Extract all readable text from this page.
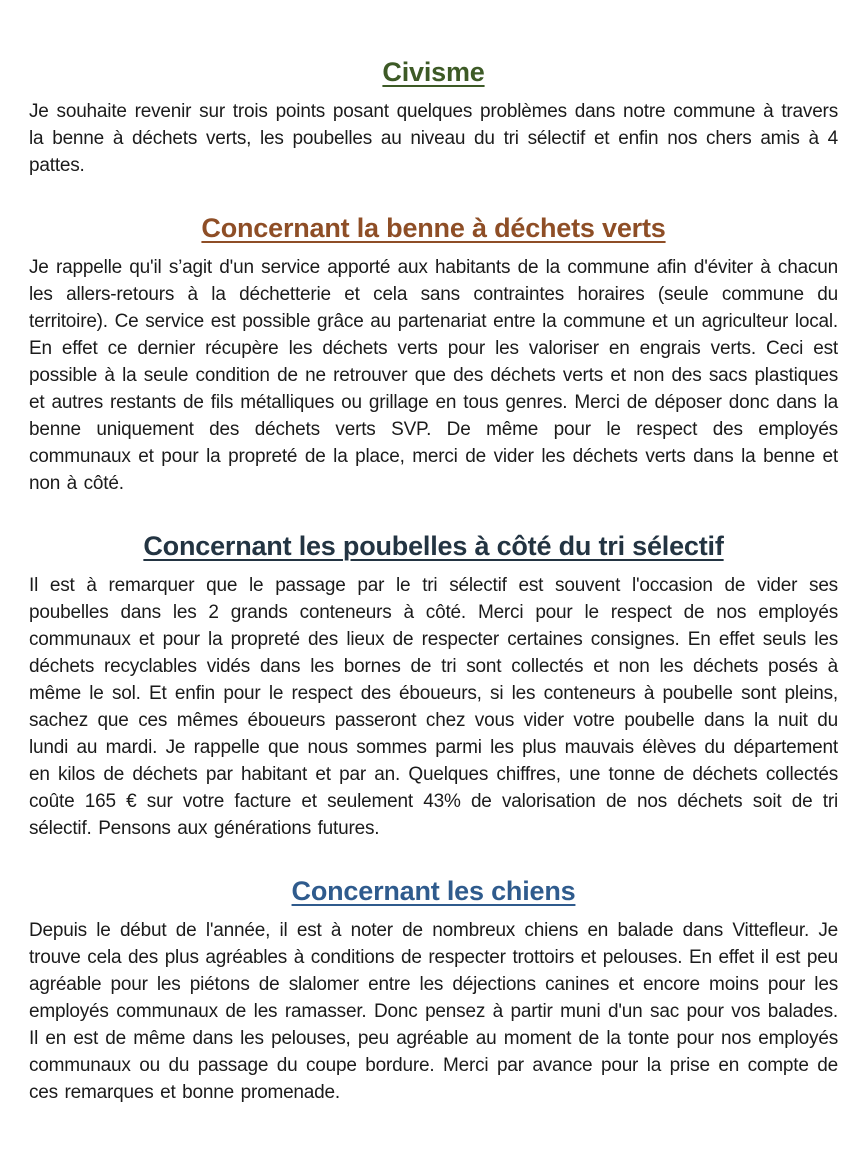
Civisme

Je souhaite revenir sur trois points posant quelques problèmes dans notre commune à travers la benne à déchets verts, les poubelles au niveau du tri sélectif et enfin nos chers amis à 4 pattes.

Concernant la benne à déchets verts

Je rappelle qu'il s’agit d'un service apporté aux habitants de la commune afin d'éviter à chacun les allers-retours à la déchetterie et cela sans contraintes horaires (seule commune du territoire). Ce service est possible grâce au partenariat entre la commune et un agriculteur local. En effet ce dernier récupère les déchets verts pour les valoriser en engrais verts. Ceci est possible à la seule condition de ne retrouver que des déchets verts et non des sacs plastiques et autres restants de fils métalliques ou grillage en tous genres. Merci de déposer donc dans la benne uniquement des déchets verts SVP. De même pour le respect des employés communaux et pour la propreté de la place, merci de vider les déchets verts dans la benne et non à côté.

Concernant les poubelles à côté du tri sélectif

Il est à remarquer que le passage par le tri sélectif est souvent l'occasion de vider ses poubelles dans les 2 grands conteneurs à côté. Merci pour le respect de nos employés communaux et pour la propreté des lieux de respecter certaines consignes. En effet seuls les déchets recyclables vidés dans les bornes de tri sont collectés et non les déchets posés à même le sol. Et enfin pour le respect des éboueurs, si les conteneurs à poubelle sont pleins, sachez que ces mêmes éboueurs passeront chez vous vider votre poubelle dans la nuit du lundi au mardi. Je rappelle que nous sommes parmi les plus mauvais élèves du département en kilos de déchets par habitant et par an. Quelques chiffres, une tonne de déchets collectés coûte 165 € sur votre facture et seulement 43% de valorisation de nos déchets soit de tri sélectif. Pensons aux générations futures.

Concernant les chiens

Depuis le début de l'année, il est à noter de nombreux chiens en balade dans Vittefleur. Je trouve cela des plus agréables à conditions de respecter trottoirs et pelouses. En effet il est peu agréable pour les piétons de slalomer entre les déjections canines et encore moins pour les employés communaux de les ramasser. Donc pensez à partir muni d'un sac pour vos balades. Il en est de même dans les pelouses, peu agréable au moment de la tonte pour nos employés communaux ou du passage du coupe bordure. Merci par avance pour la prise en compte de ces remarques et bonne promenade.
